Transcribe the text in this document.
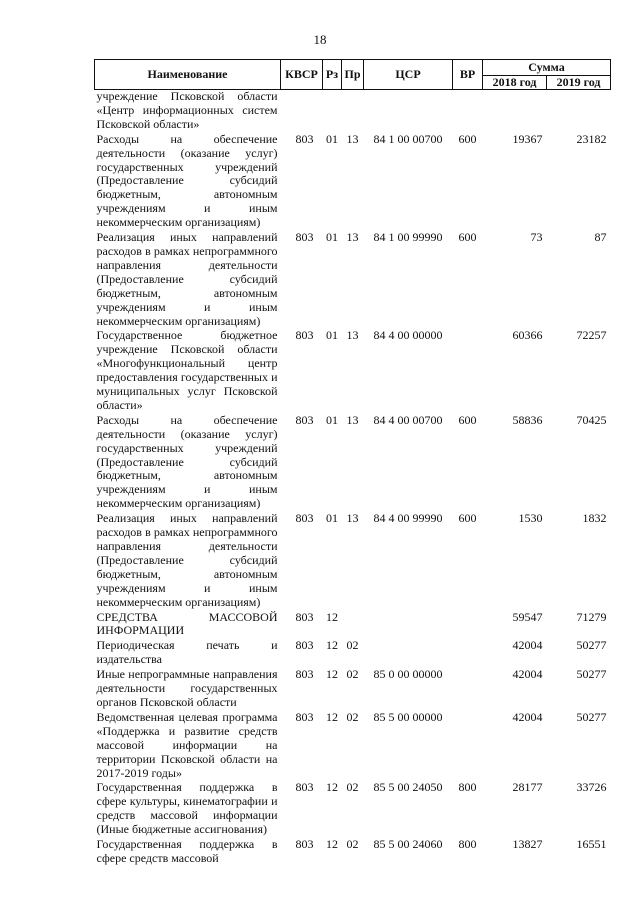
18
Наименование	КВСР	Рз	Пр	ЦСР	ВР	Сумма	
						2018 год	2019 год
учреждение Псковской области «Центр информационных систем Псковской области»							
Расходы на обеспечение деятельности (оказание услуг) государственных учреждений (Предоставление субсидий бюджетным, автономным учреждениям и иным некоммерческим организациям)	803	01	13	84 1 00 00700	600	19367	23182
Реализация иных направлений расходов в рамках непрограммного направления деятельности (Предоставление субсидий бюджетным, автономным учреждениям и иным некоммерческим организациям)	803	01	13	84 1 00 99990	600	73	87
Государственное бюджетное учреждение Псковской области «Многофункциональный центр предоставления государственных и муниципальных услуг Псковской области»	803	01	13	84 4 00 00000		60366	72257
Расходы на обеспечение деятельности (оказание услуг) государственных учреждений (Предоставление субсидий бюджетным, автономным учреждениям и иным некоммерческим организациям)	803	01	13	84 4 00 00700	600	58836	70425
Реализация иных направлений расходов в рамках непрограммного направления деятельности (Предоставление субсидий бюджетным, автономным учреждениям и иным некоммерческим организациям)	803	01	13	84 4 00 99990	600	1530	1832
СРЕДСТВА МАССОВОЙ ИНФОРМАЦИИ	803	12				59547	71279
Периодическая печать и издательства	803	12	02			42004	50277
Иные непрограммные направления деятельности государственных органов Псковской области	803	12	02	85 0 00 00000		42004	50277
Ведомственная целевая программа «Поддержка и развитие средств массовой информации на территории Псковской области на 2017-2019 годы»	803	12	02	85 5 00 00000		42004	50277
Государственная поддержка в сфере культуры, кинематографии и средств массовой информации (Иные бюджетные ассигнования)	803	12	02	85 5 00 24050	800	28177	33726
Государственная поддержка в сфере средств массовой	803	12	02	85 5 00 24060	800	13827	16551
